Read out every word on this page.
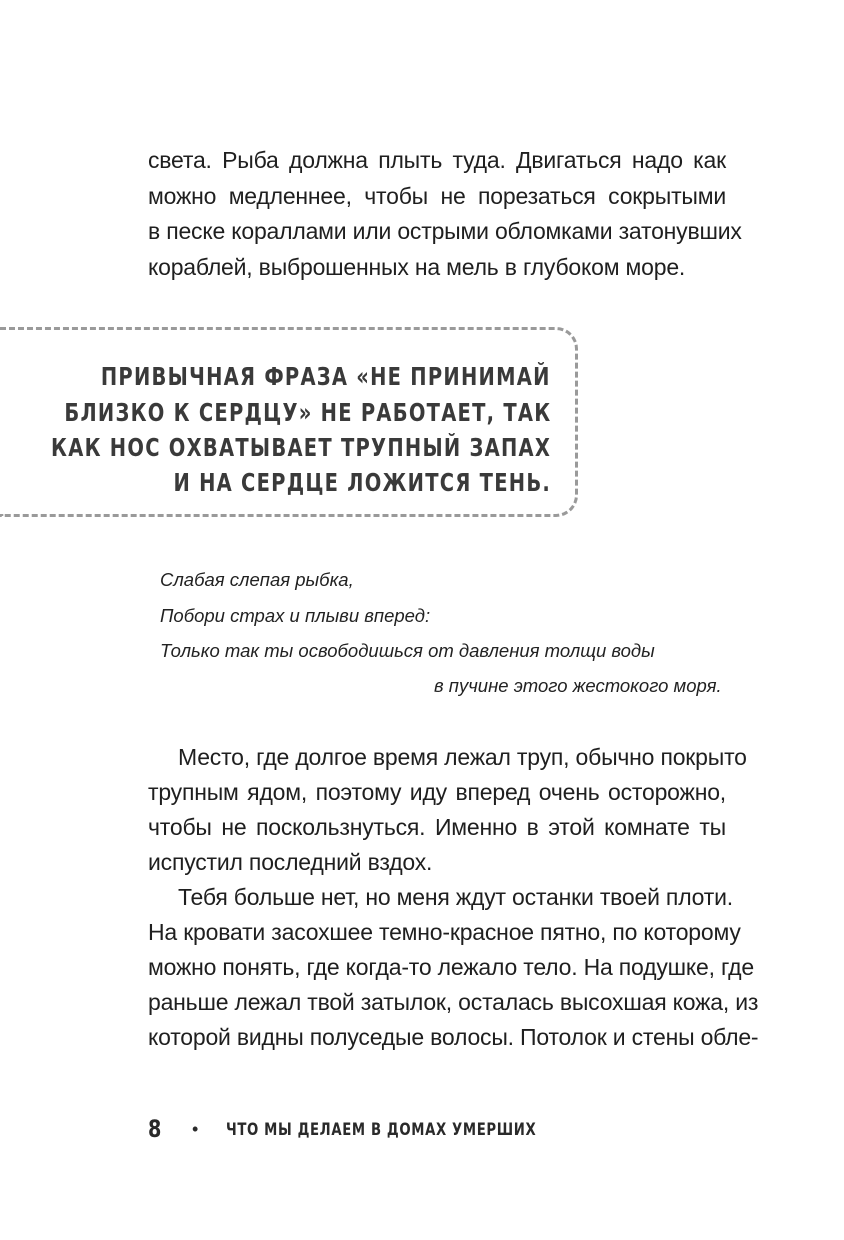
света. Рыба должна плыть туда. Двигаться надо как
можно медленнее, чтобы не порезаться сокрытыми
в песке кораллами или острыми обломками затонувших
кораблей, выброшенных на мель в глубоком море.
ПРИВЫЧНАЯ ФРАЗА «НЕ ПРИНИМАЙ
БЛИЗКО К СЕРДЦУ» НЕ РАБОТАЕТ, ТАК
КАК НОС ОХВАТЫВАЕТ ТРУПНЫЙ ЗАПАХ
И НА СЕРДЦЕ ЛОЖИТСЯ ТЕНЬ.
Слабая слепая рыбка,
Побори страх и плыви вперед:
Только так ты освободишься от давления толщи воды
в пучине этого жестокого моря.
Место, где долгое время лежал труп, обычно покрыто
трупным ядом, поэтому иду вперед очень осторожно,
чтобы не поскользнуться. Именно в этой комнате ты
испустил последний вздох.
Тебя больше нет, но меня ждут останки твоей плоти.
На кровати засохшее темно-красное пятно, по которому
можно понять, где когда-то лежало тело. На подушке, где
раньше лежал твой затылок, осталась высохшая кожа, из
которой видны полуседые волосы. Потолок и стены обле-
8 • ЧТО МЫ ДЕЛАЕМ В ДОМАХ УМЕРШИХ
